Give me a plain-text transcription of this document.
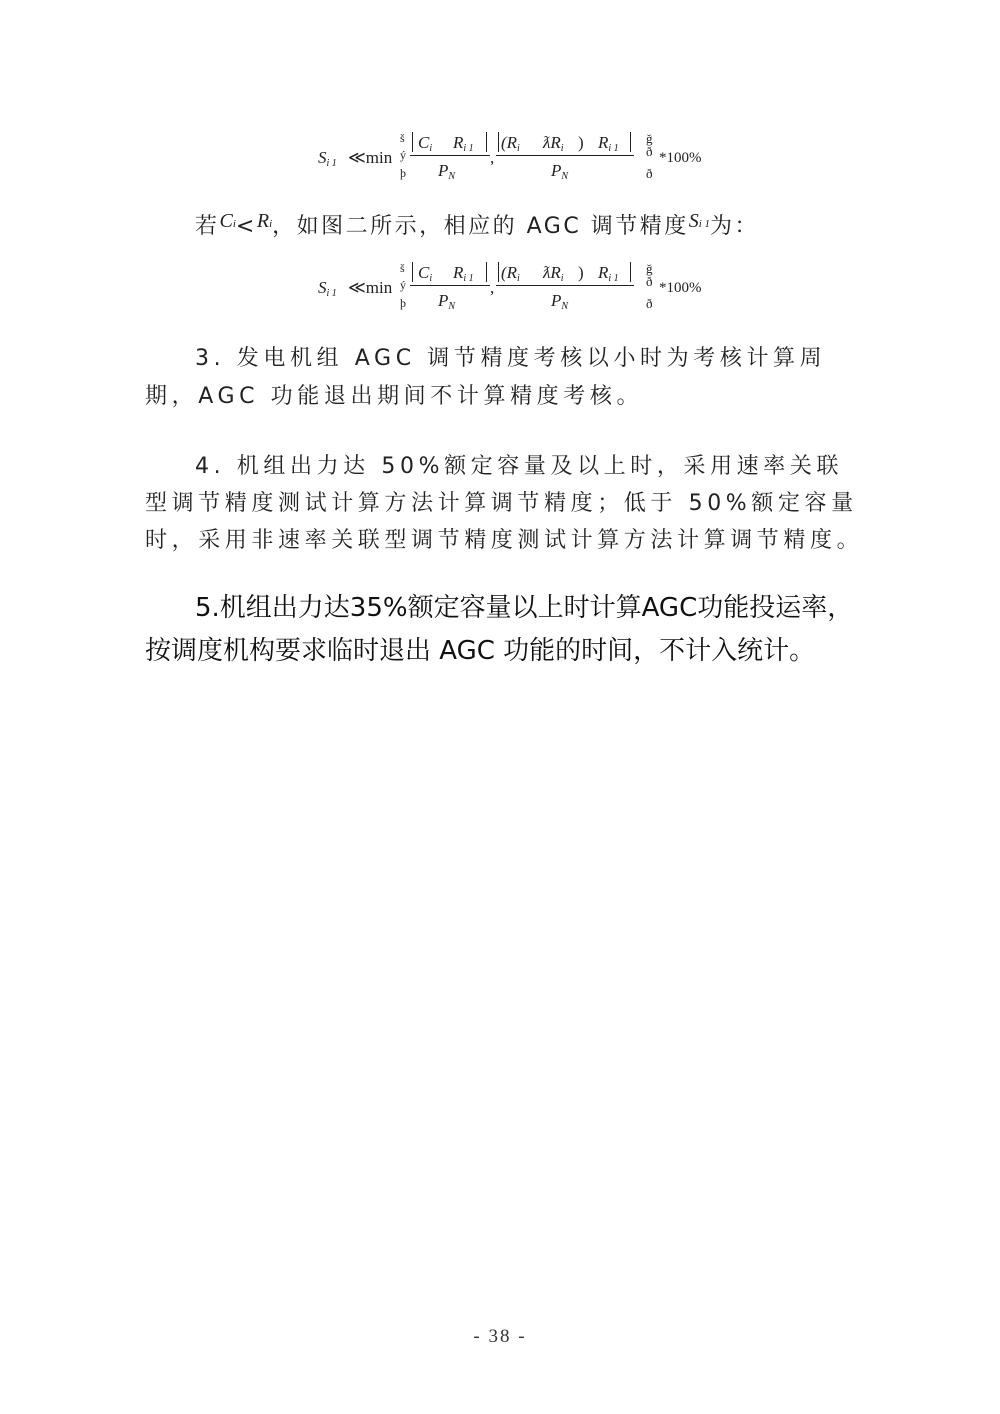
$S_{i 1}$ ≪min
š
ý
þ
$C_i$ $R_{i 1}$
$P_N$
,
($R_i$ $ƛR_i$ ) $R_{i 1}$
$P_N$
ǧ
ð
ð
*100%

若Ci<Ri，如图二所示，相应的 AGC 调节精度Si 1为：

$S_{i 1}$ ≪min
š
ý
þ
$C_i$ $R_{i 1}$
$P_N$
,
($R_i$ $ƛR_i$ ) $R_{i 1}$
$P_N$
ǧ
ð
ð
*100%

3. 发电机组 AGC 调节精度考核以小时为考核计算周期，AGC 功能退出期间不计算精度考核。

4. 机组出力达 50%额定容量及以上时，采用速率关联型调节精度测试计算方法计算调节精度；低于 50%额定容量时，采用非速率关联型调节精度测试计算方法计算调节精度。

5.机组出力达35%额定容量以上时计算AGC功能投运率，

按调度机构要求临时退出 AGC 功能的时间，不计入统计。

- 38 -
